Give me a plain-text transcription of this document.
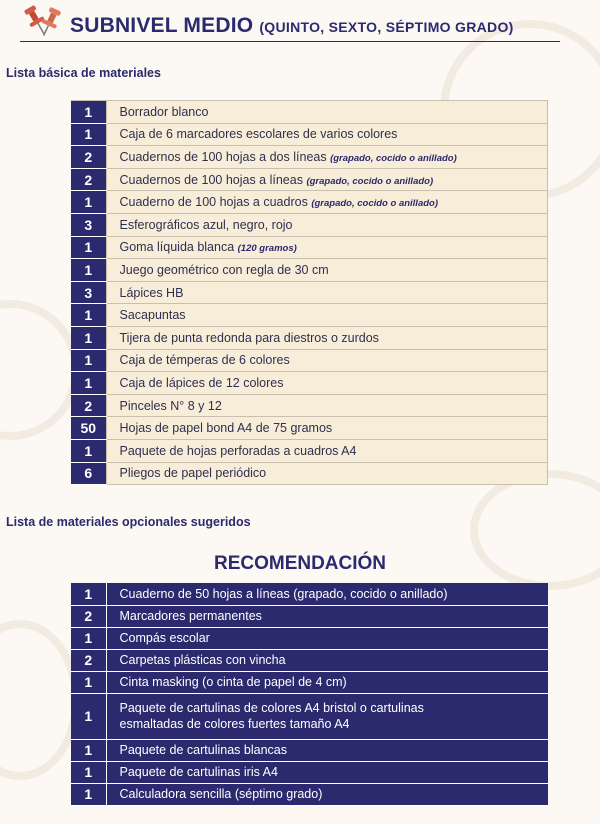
SUBNIVEL MEDIO (QUINTO, SEXTO, SÉPTIMO GRADO)
Lista básica de materiales
1	Borrador blanco
1	Caja de 6 marcadores escolares de varios colores
2	Cuadernos de 100 hojas a dos líneas (grapado, cocido o anillado)
2	Cuadernos de 100 hojas a líneas (grapado, cocido o anillado)
1	Cuaderno de 100 hojas a cuadros (grapado, cocido o anillado)
3	Esferográficos azul, negro, rojo
1	Goma líquida blanca (120 gramos)
1	Juego geométrico con regla de 30 cm
3	Lápices HB
1	Sacapuntas
1	Tijera de punta redonda para diestros o zurdos
1	Caja de témperas de 6 colores
1	Caja de lápices de 12 colores
2	Pinceles N° 8 y 12
50	Hojas de papel bond A4 de 75 gramos
1	Paquete de hojas perforadas a cuadros A4
6	Pliegos de papel periódico
Lista de materiales opcionales sugeridos
RECOMENDACIÓN
1	Cuaderno de 50 hojas a líneas (grapado, cocido o anillado)
2	Marcadores permanentes
1	Compás escolar
2	Carpetas plásticas con vincha
1	Cinta masking (o cinta de papel de 4 cm)
1	Paquete de cartulinas de colores A4 bristol o cartulinas esmaltadas de colores fuertes tamaño A4
1	Paquete de cartulinas blancas
1	Paquete de cartulinas iris A4
1	Calculadora sencilla (séptimo grado)
